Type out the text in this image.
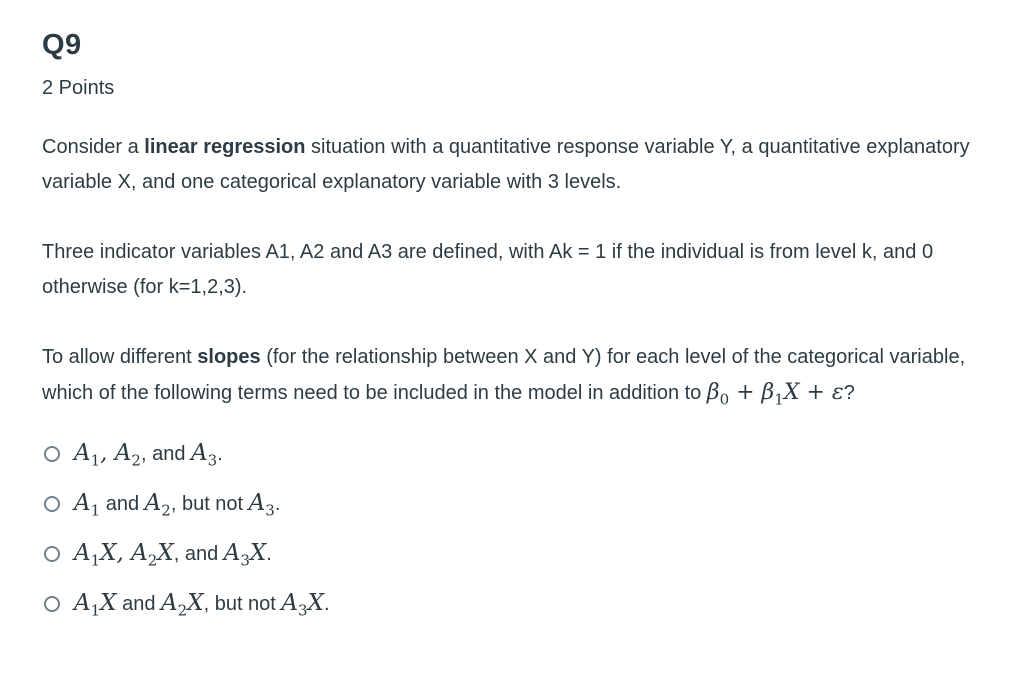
Q9
2 Points

Consider a linear regression situation with a quantitative response variable Y, a quantitative explanatory variable X, and one categorical explanatory variable with 3 levels.

Three indicator variables A1, A2 and A3 are defined, with Ak = 1 if the individual is from level k, and 0 otherwise (for k=1,2,3).

To allow different slopes (for the relationship between X and Y) for each level of the categorical variable, which of the following terms need to be included in the model in addition to $\beta_0 + \beta_1X + \varepsilon$?

$A_1$, $A_2$, and $A_3$.
$A_1$ and $A_2$, but not $A_3$.
$A_1X$, $A_2X$, and $A_3X$.
$A_1X$ and $A_2X$, but not $A_3X$.
